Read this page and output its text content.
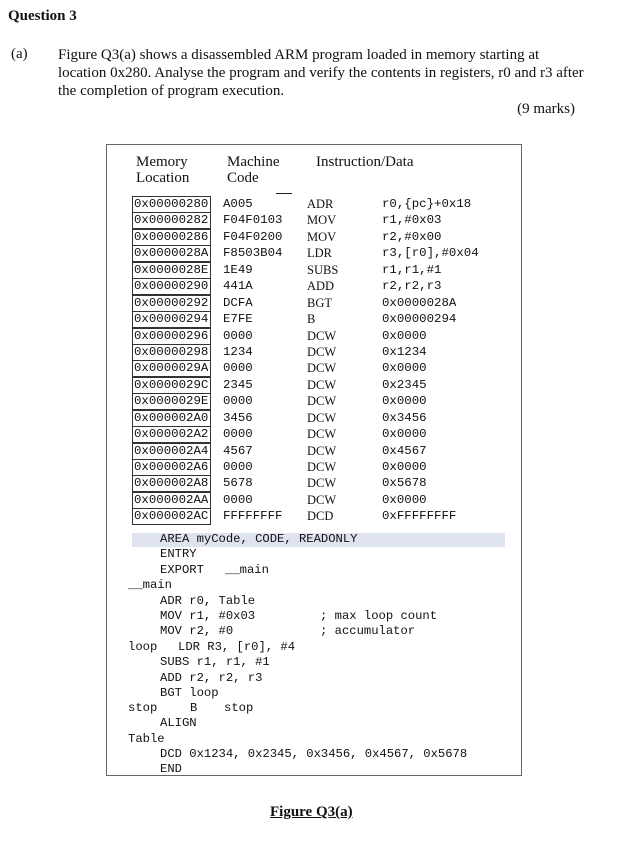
Question 3
(a) Figure Q3(a) shows a disassembled ARM program loaded in memory starting at location 0x280. Analyse the program and verify the contents in registers, r0 and r3 after the completion of program execution.
(9 marks)
Memory
Location
Machine
Code
Instruction/Data
0x00000280 A005	ADR	r0,{pc}+0x18
0x00000282 F04F0103 MOV	r1,#0x03
0x00000286 F04F0200 MOV	r2,#0x00
0x0000028A F8503B04 LDR	r3,[r0],#0x04
0x0000028E 1E49	SUBS	r1,r1,#1
0x00000290 441A	ADD	r2,r2,r3
0x00000292 DCFA	BGT	0x0000028A
0x00000294 E7FE	B	0x00000294
0x00000296 0000	DCW	0x0000
0x00000298 1234	DCW	0x1234
0x0000029A 0000	DCW	0x0000
0x0000029C 2345	DCW	0x2345
0x0000029E 0000	DCW	0x0000
0x000002A0 3456	DCW	0x3456
0x000002A2 0000	DCW	0x0000
0x000002A4 4567	DCW	0x4567
0x000002A6 0000	DCW	0x0000
0x000002A8 5678	DCW	0x5678
0x000002AA 0000	DCW	0x0000
0x000002AC FFFFFFFF DCD	0xFFFFFFFF

AREA myCode, CODE, READONLY

ENTRY

EXPORT

__main

__main

ADR r0, Table

MOV r1, #0x03

	; max loop count

MOV r2, #0

	; accumulator

loop

LDR R3, [r0], #4

SUBS r1, r1, #1

ADD r2, r2, r3

BGT loop

stop

	B

stop

ALIGN

Table

DCD 0x1234, 0x2345, 0x3456, 0x4567, 0x5678

END

Figure Q3(a)
